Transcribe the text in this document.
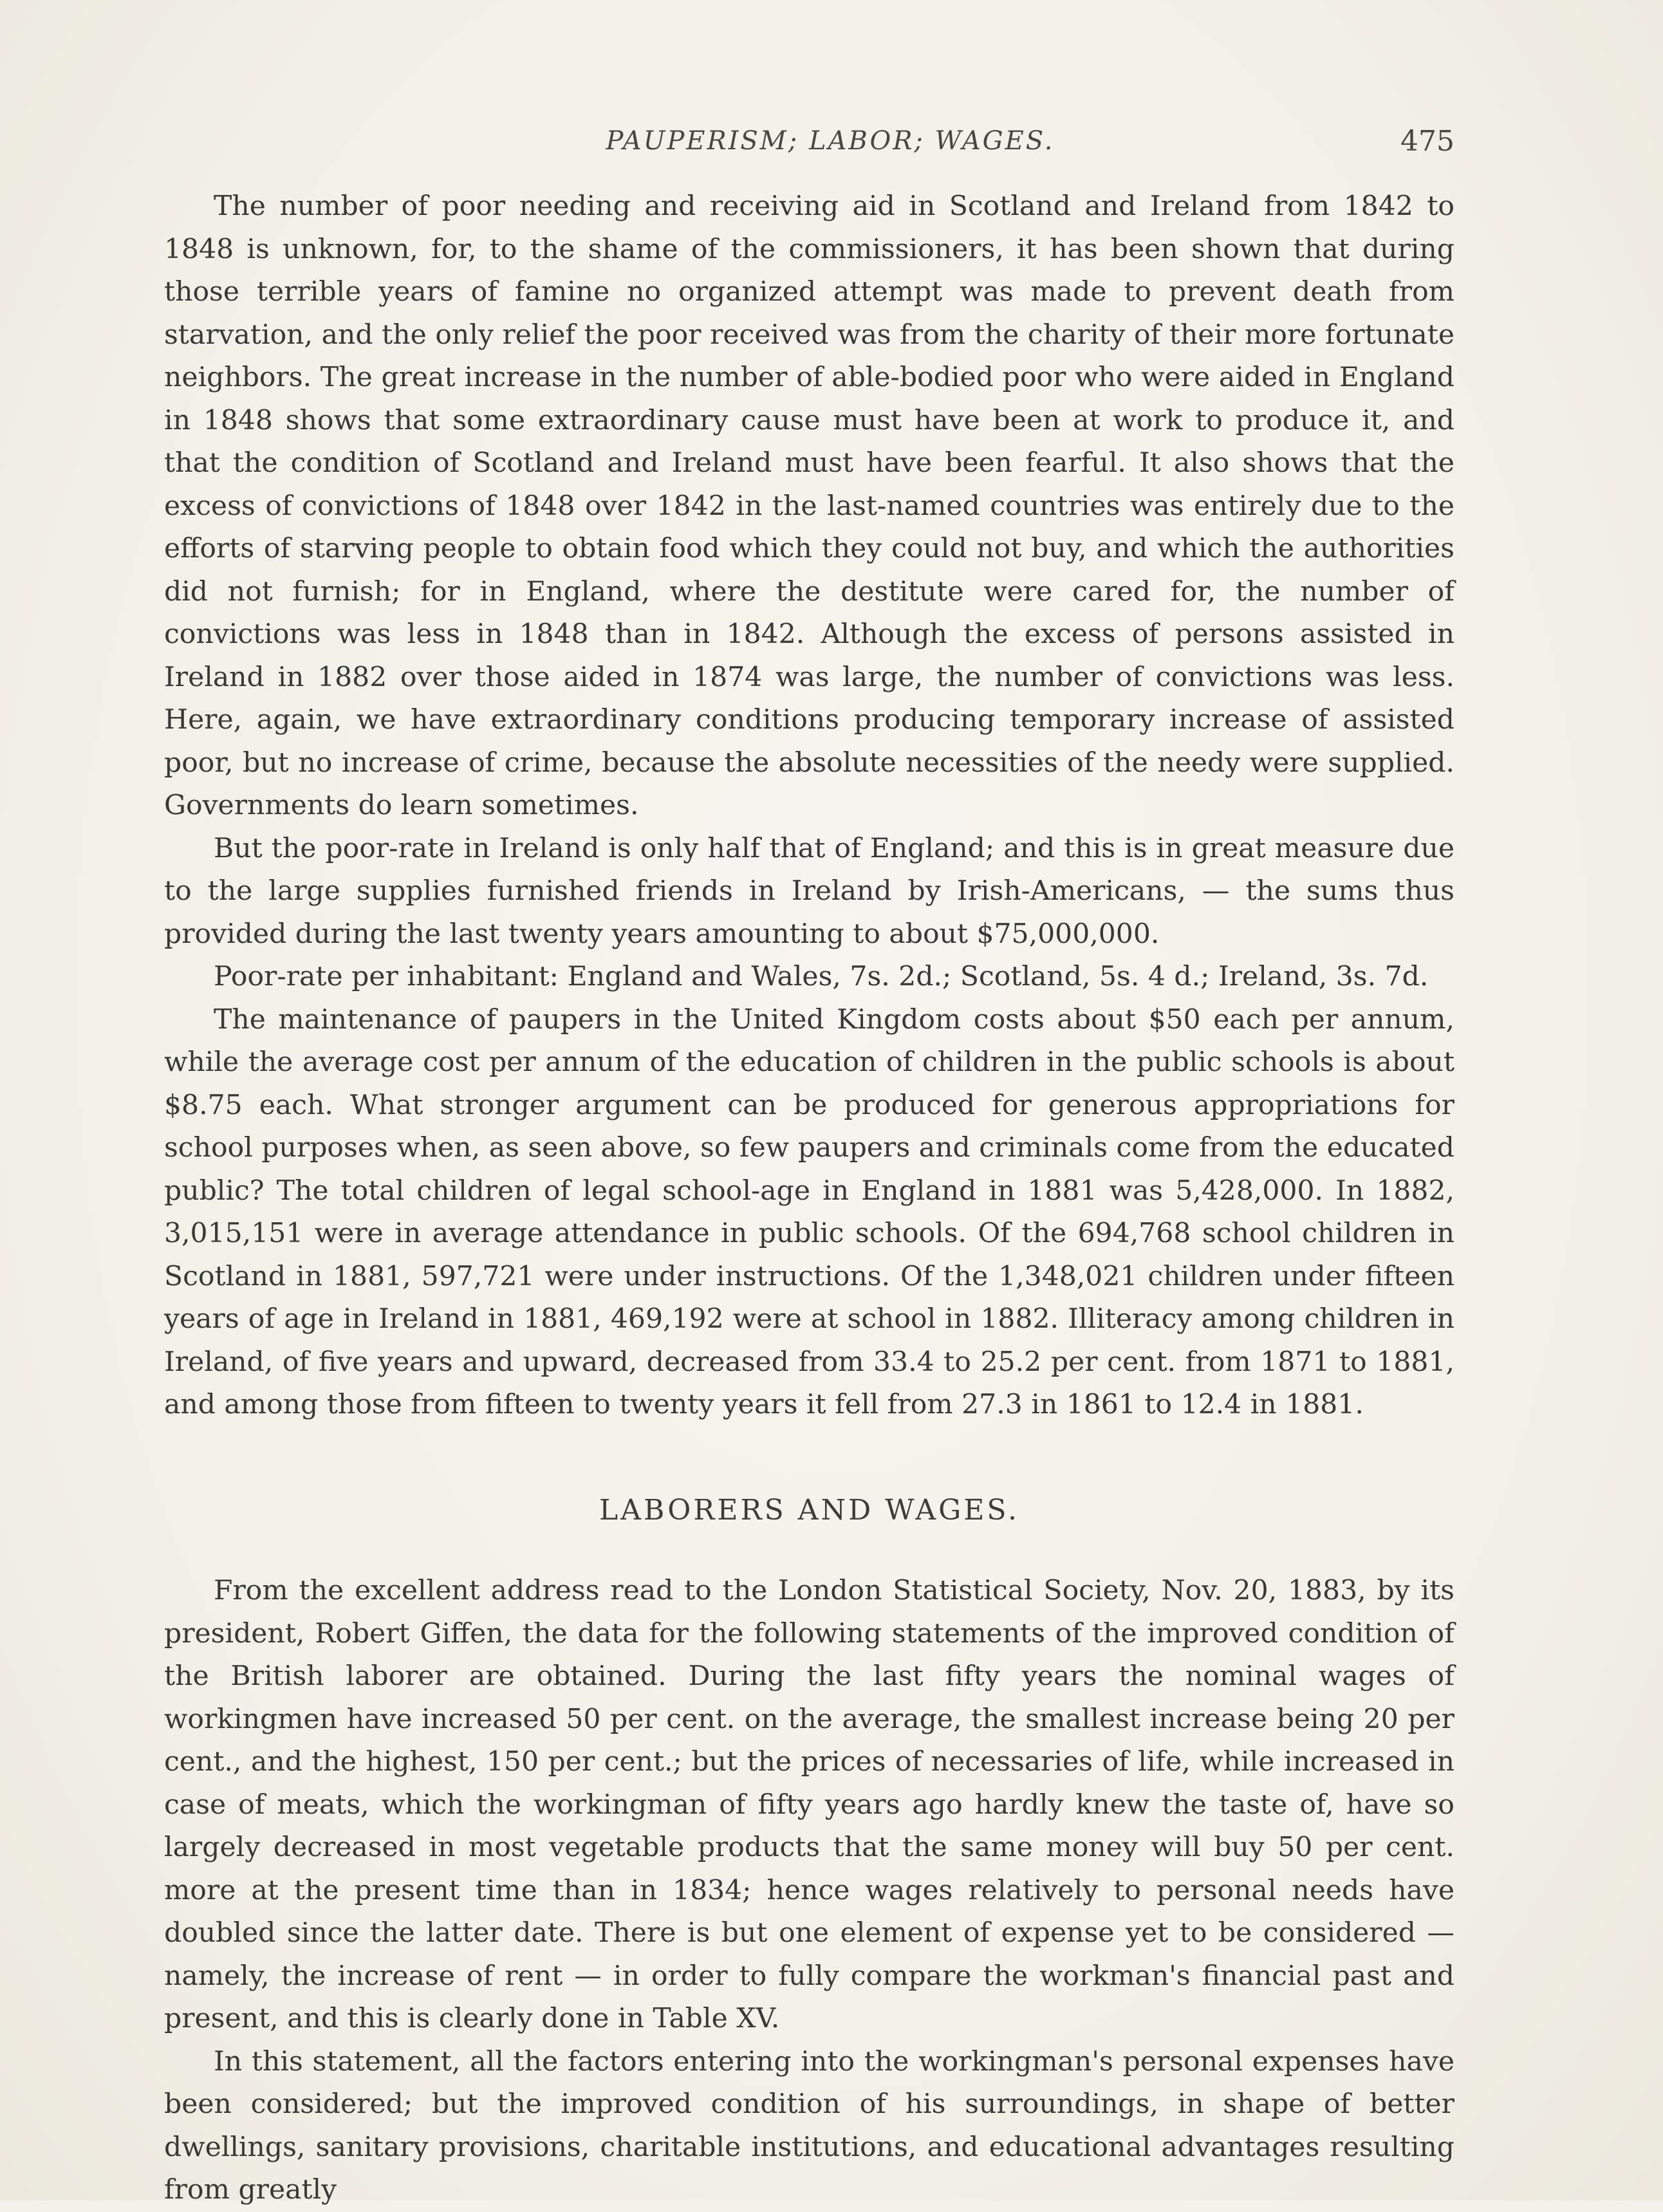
PAUPERISM; LABOR; WAGES.	475

The number of poor needing and receiving aid in Scotland and Ireland from 1842 to 1848 is unknown, for, to the shame of the commissioners, it has been shown that during those terrible years of famine no organized attempt was made to prevent death from starvation, and the only relief the poor received was from the charity of their more fortunate neighbors. The great increase in the number of able-bodied poor who were aided in England in 1848 shows that some extraordinary cause must have been at work to produce it, and that the condition of Scotland and Ireland must have been fearful. It also shows that the excess of convictions of 1848 over 1842 in the last-named countries was entirely due to the efforts of starving people to obtain food which they could not buy, and which the authorities did not furnish; for in England, where the destitute were cared for, the number of convictions was less in 1848 than in 1842. Although the excess of persons assisted in Ireland in 1882 over those aided in 1874 was large, the number of convictions was less. Here, again, we have extraordinary conditions producing temporary increase of assisted poor, but no increase of crime, because the absolute necessities of the needy were supplied. Governments do learn sometimes.

But the poor-rate in Ireland is only half that of England; and this is in great measure due to the large supplies furnished friends in Ireland by Irish-Americans, — the sums thus provided during the last twenty years amounting to about $75,000,000.

Poor-rate per inhabitant: England and Wales, 7s. 2d.; Scotland, 5s. 4 d.; Ireland, 3s. 7d.

The maintenance of paupers in the United Kingdom costs about $50 each per annum, while the average cost per annum of the education of children in the public schools is about $8.75 each. What stronger argument can be produced for generous appropriations for school purposes when, as seen above, so few paupers and criminals come from the educated public? The total children of legal school-age in England in 1881 was 5,428,000. In 1882, 3,015,151 were in average attendance in public schools. Of the 694,768 school children in Scotland in 1881, 597,721 were under instructions. Of the 1,348,021 children under fifteen years of age in Ireland in 1881, 469,192 were at school in 1882. Illiteracy among children in Ireland, of five years and upward, decreased from 33.4 to 25.2 per cent. from 1871 to 1881, and among those from fifteen to twenty years it fell from 27.3 in 1861 to 12.4 in 1881.

LABORERS AND WAGES.

From the excellent address read to the London Statistical Society, Nov. 20, 1883, by its president, Robert Giffen, the data for the following statements of the improved condition of the British laborer are obtained. During the last fifty years the nominal wages of workingmen have increased 50 per cent. on the average, the smallest increase being 20 per cent., and the highest, 150 per cent.; but the prices of necessaries of life, while increased in case of meats, which the workingman of fifty years ago hardly knew the taste of, have so largely decreased in most vegetable products that the same money will buy 50 per cent. more at the present time than in 1834; hence wages relatively to personal needs have doubled since the latter date. There is but one element of expense yet to be considered — namely, the increase of rent — in order to fully compare the workman's financial past and present, and this is clearly done in Table XV.

In this statement, all the factors entering into the workingman's personal expenses have been considered; but the improved condition of his surroundings, in shape of better dwellings, sanitary provisions, charitable institutions, and educational advantages resulting from greatly
